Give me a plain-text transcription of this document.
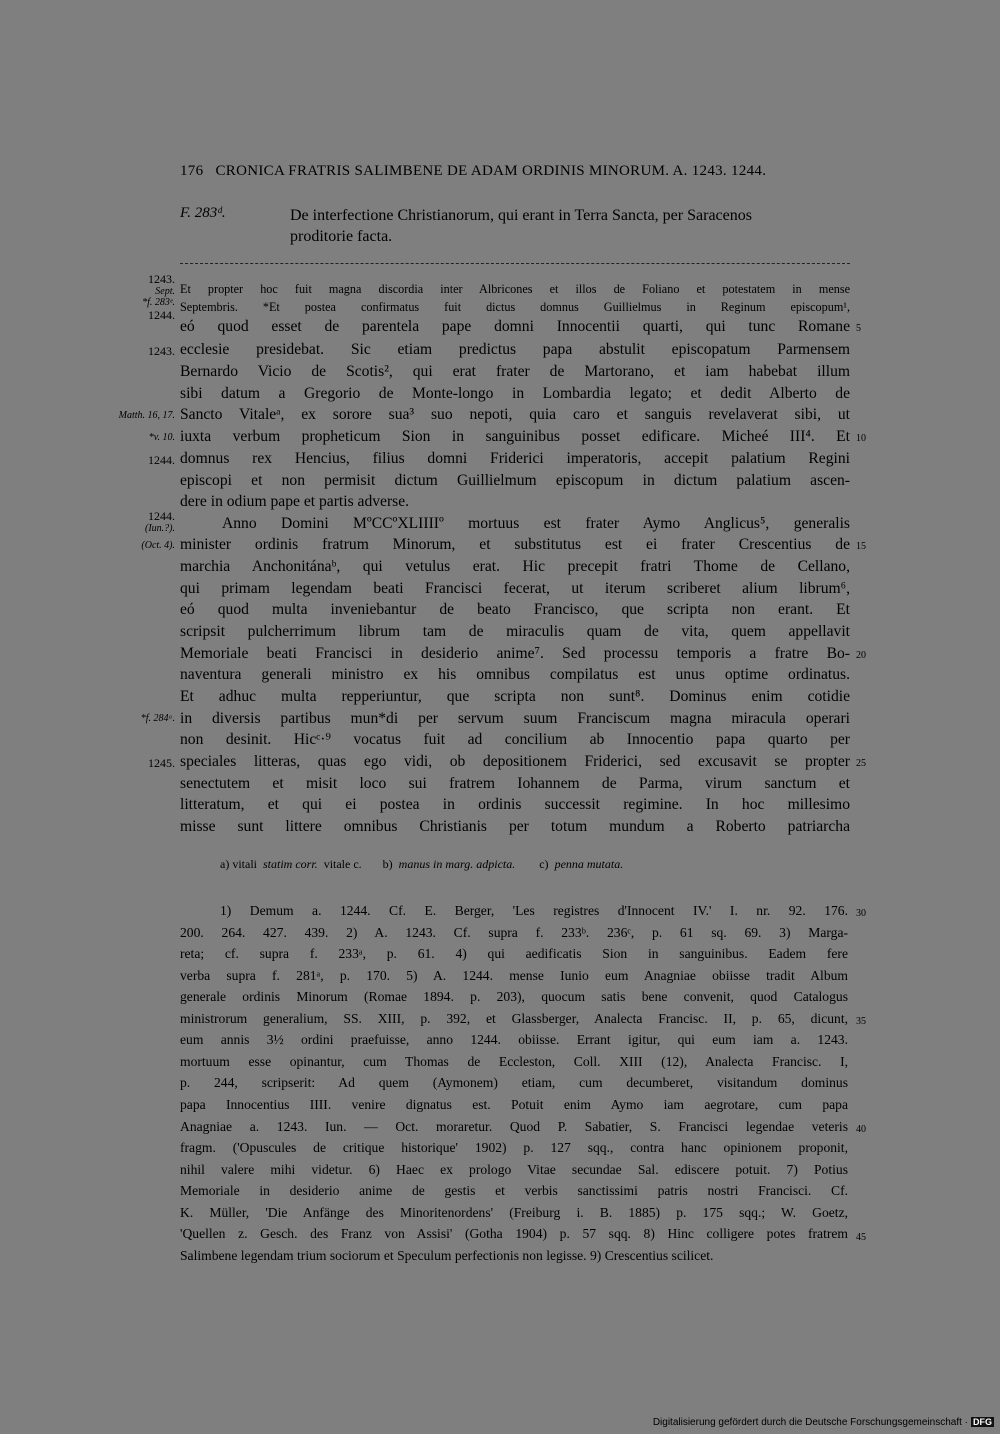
176 CRONICA FRATRIS SALIMBENE DE ADAM ORDINIS MINORUM. A. 1243. 1244.
F. 283ᵈ.	De interfectione Christianorum, qui erant in Terra Sancta, per Saracenos
proditorie facta.
Et propter hoc fuit magna discordia inter Albricones et illos de Foliano et potestatem in mense
Septembris. *Et postea confirmatus fuit dictus domnus Guillielmus in Reginum episcopum¹,
eó quod esset de parentela pape domni Innocentii quarti, qui tunc Romane
ecclesie presidebat. Sic etiam predictus papa abstulit episcopatum Parmensem
Bernardo Vicio de Scotis², qui erat frater de Martorano, et iam habebat illum
sibi datum a Gregorio de Monte-longo in Lombardia legato; et dedit Alberto de
Sancto Vitaleᵃ, ex sorore sua³ suo nepoti, quia caro et sanguis revelaverat sibi, ut
iuxta verbum propheticum Sion in sanguinibus posset edificare. Micheé III⁴. Et
domnus rex Hencius, filius domni Friderici imperatoris, accepit palatium Regini
episcopi et non permisit dictum Guillielmum episcopum in dictum palatium ascen-
dere in odium pape et partis adverse.
Anno Domini MºCCºXLIIIIº mortuus est frater Aymo Anglicus⁵, generalis
minister ordinis fratrum Minorum, et substitutus est ei frater Crescentius de
marchia Anchonitánaᵇ, qui vetulus erat. Hic precepit fratri Thome de Cellano,
qui primam legendam beati Francisci fecerat, ut iterum scriberet alium librum⁶,
eó quod multa inveniebantur de beato Francisco, que scripta non erant. Et
scripsit pulcherrimum librum tam de miraculis quam de vita, quem appellavit
Memoriale beati Francisci in desiderio anime⁷. Sed processu temporis a fratre Bo-
naventura generali ministro ex his omnibus compilatus est unus optime ordinatus.
Et adhuc multa repperiuntur, que scripta non sunt⁸. Dominus enim cotidie
in diversis partibus mun*di per servum suum Franciscum magna miracula operari
non desinit. Hicᶜ·⁹ vocatus fuit ad concilium ab Innocentio papa quarto per
speciales litteras, quas ego vidi, ob depositionem Friderici, sed excusavit se propter
senectutem et misit loco sui fratrem Iohannem de Parma, virum sanctum et
litteratum, et qui ei postea in ordinis successit regimine. In hoc millesimo
misse sunt littere omnibus Christianis per totum mundum a Roberto patriarcha
1243.
Sept.
*f. 283ᵉ.
1244.
1243.
Matth. 16, 17.
*v. 10.
1244.
1244.
(Iun.?).
(Oct. 4).
*f. 284ᵃ.
1245.
5
10
15
20
25
30
35
40
45
a) vitali statim corr. vitale c. b) manus in marg. adpicta. c) penna mutata.
1) Demum a. 1244. Cf. E. Berger, 'Les registres d'Innocent IV.' I. nr. 92. 176.
200. 264. 427. 439. 2) A. 1243. Cf. supra f. 233ᵇ. 236ᶜ, p. 61 sq. 69. 3) Marga-
reta; cf. supra f. 233ᵃ, p. 61. 4) qui aedificatis Sion in sanguinibus. Eadem fere
verba supra f. 281ᵃ, p. 170. 5) A. 1244. mense Iunio eum Anagniae obiisse tradit Album
generale ordinis Minorum (Romae 1894. p. 203), quocum satis bene convenit, quod Catalogus
ministrorum generalium, SS. XIII, p. 392, et Glassberger, Analecta Francisc. II, p. 65, dicunt,
eum annis 3½ ordini praefuisse, anno 1244. obiisse. Errant igitur, qui eum iam a. 1243.
mortuum esse opinantur, cum Thomas de Eccleston, Coll. XIII (12), Analecta Francisc. I,
p. 244, scripserit: Ad quem (Aymonem) etiam, cum decumberet, visitandum dominus
papa Innocentius IIII. venire dignatus est. Potuit enim Aymo iam aegrotare, cum papa
Anagniae a. 1243. Iun. — Oct. moraretur. Quod P. Sabatier, S. Francisci legendae veteris
fragm. ('Opuscules de critique historique' 1902) p. 127 sqq., contra hanc opinionem proponit,
nihil valere mihi videtur. 6) Haec ex prologo Vitae secundae Sal. ediscere potuit. 7) Potius
Memoriale in desiderio anime de gestis et verbis sanctissimi patris nostri Francisci. Cf.
K. Müller, 'Die Anfänge des Minoritenordens' (Freiburg i. B. 1885) p. 175 sqq.; W. Goetz,
'Quellen z. Gesch. des Franz von Assisi' (Gotha 1904) p. 57 sqq. 8) Hinc colligere potes fratrem
Salimbene legendam trium sociorum et Speculum perfectionis non legisse. 9) Crescentius scilicet.
Digitalisierung gefördert durch die Deutsche Forschungsgemeinschaft · DFG
